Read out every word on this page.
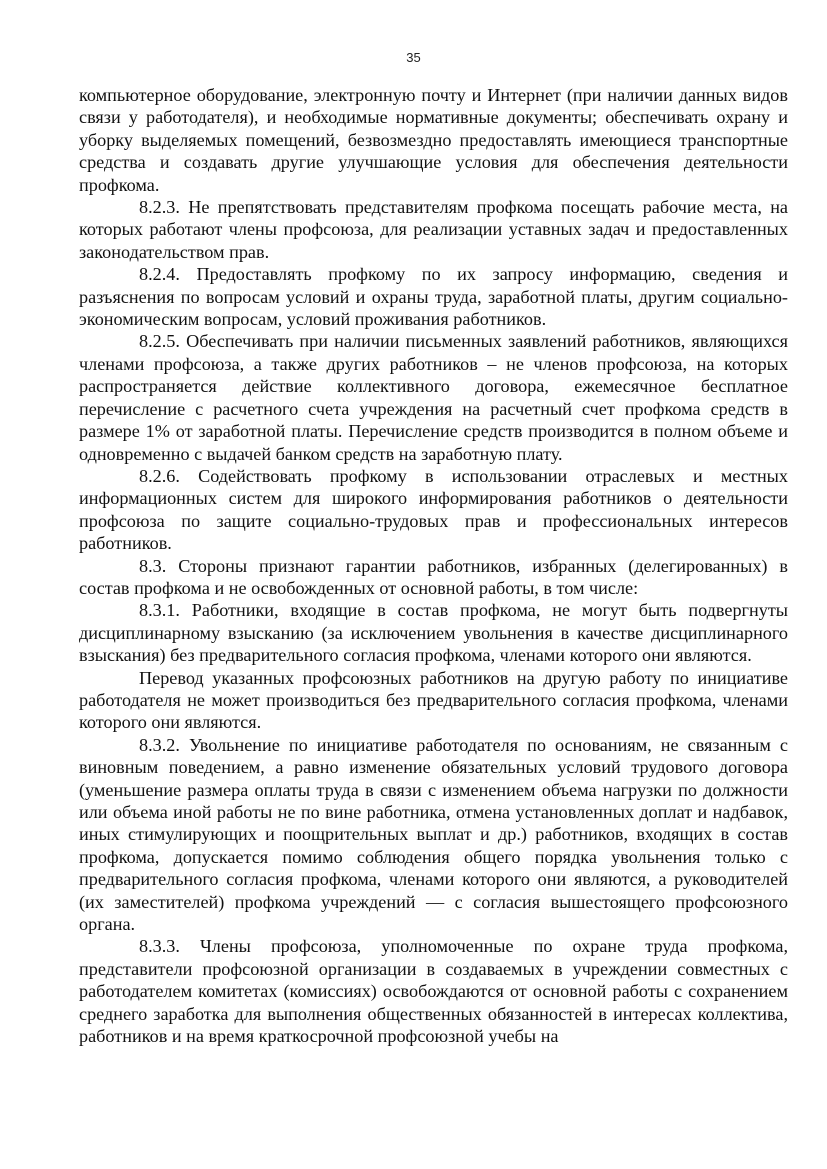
35

компьютерное оборудование, электронную почту и Интернет (при наличии данных видов связи у работодателя), и необходимые нормативные документы; обеспечивать охрану и уборку выделяемых помещений, безвозмездно предоставлять имеющиеся транспортные средства и создавать другие улучшающие условия для обеспечения деятельности профкома.

8.2.3. Не препятствовать представителям профкома посещать рабочие места, на которых работают члены профсоюза, для реализации уставных задач и предоставленных законодательством прав.

8.2.4. Предоставлять профкому по их запросу информацию, сведения и разъяснения по вопросам условий и охраны труда, заработной платы, другим социально-экономическим вопросам, условий проживания работников.

8.2.5. Обеспечивать при наличии письменных заявлений работников, являющихся членами профсоюза, а также других работников – не членов профсоюза, на которых распространяется действие коллективного договора, ежемесячное бесплатное перечисление с расчетного счета учреждения на расчетный счет профкома средств в размере 1% от заработной платы. Перечисление средств производится в полном объеме и одновременно с выдачей банком средств на заработную плату.

8.2.6. Содействовать профкому в использовании отраслевых и местных информационных систем для широкого информирования работников о деятельности профсоюза по защите социально-трудовых прав и профессиональных интересов работников.

8.3. Стороны признают гарантии работников, избранных (делегированных) в состав профкома и не освобожденных от основной работы, в том числе:

8.3.1. Работники, входящие в состав профкома, не могут быть подвергнуты дисциплинарному взысканию (за исключением увольнения в качестве дисциплинарного взыскания) без предварительного согласия профкома, членами которого они являются.

Перевод указанных профсоюзных работников на другую работу по инициативе работодателя не может производиться без предварительного согласия профкома, членами которого они являются.

8.3.2. Увольнение по инициативе работодателя по основаниям, не связанным с виновным поведением, а равно изменение обязательных условий трудового договора (уменьшение размера оплаты труда в связи с изменением объема нагрузки по должности или объема иной работы не по вине работника, отмена установленных доплат и надбавок, иных стимулирующих и поощрительных выплат и др.) работников, входящих в состав профкома, допускается помимо соблюдения общего порядка увольнения только с предварительного согласия профкома, членами которого они являются, а руководителей (их заместителей) профкома учреждений — с согласия вышестоящего профсоюзного органа.

8.3.3. Члены профсоюза, уполномоченные по охране труда профкома, представители профсоюзной организации в создаваемых в учреждении совместных с работодателем комитетах (комиссиях) освобождаются от основной работы с сохранением среднего заработка для выполнения общественных обязанностей в интересах коллектива, работников и на время краткосрочной профсоюзной учебы на
